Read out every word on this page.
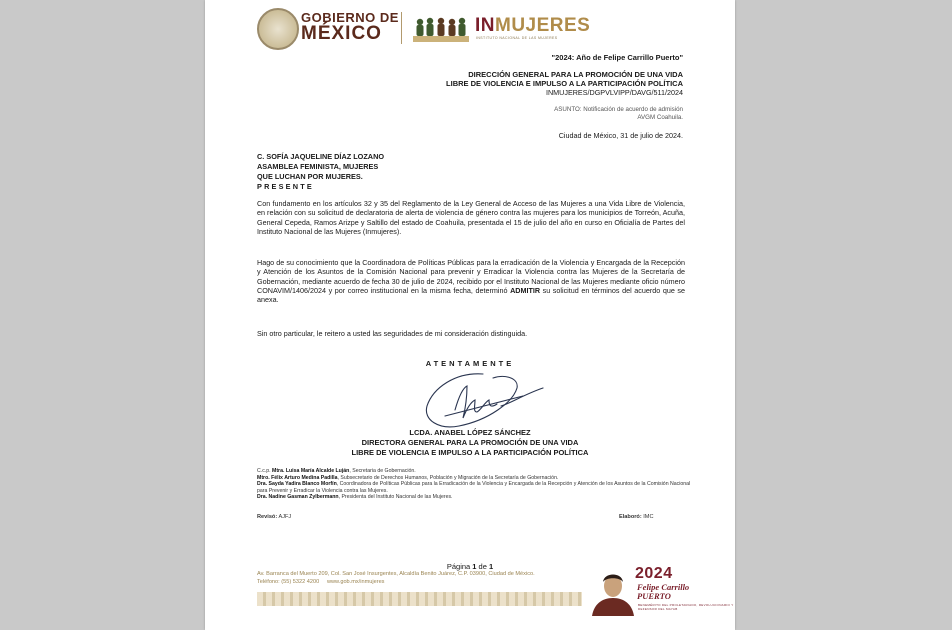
GOBIERNO DE
MÉXICO	INMUJERES
INSTITUTO NACIONAL DE LAS MUJERES
"2024: Año de Felipe Carrillo Puerto"
DIRECCIÓN GENERAL PARA LA PROMOCIÓN DE UNA VIDA
LIBRE DE VIOLENCIA E IMPULSO A LA PARTICIPACIÓN POLÍTICA
INMUJERES/DGPVLVIPP/DAVG/511/2024
ASUNTO: Notificación de acuerdo de admisión
AVGM Coahuila.
Ciudad de México, 31 de julio de 2024.
C. SOFÍA JAQUELINE DÍAZ LOZANO
ASAMBLEA FEMINISTA, MUJERES
QUE LUCHAN POR MUJERES.
PRESENTE
Con fundamento en los artículos 32 y 35 del Reglamento de la Ley General de Acceso de las Mujeres a una Vida Libre de Violencia, en relación con su solicitud de declaratoria de alerta de violencia de género contra las mujeres para los municipios de Torreón, Acuña, General Cepeda, Ramos Arizpe y Saltillo del estado de Coahuila, presentada el 15 de julio del año en curso en Oficialía de Partes del Instituto Nacional de las Mujeres (Inmujeres).
Hago de su conocimiento que la Coordinadora de Políticas Públicas para la erradicación de la Violencia y Encargada de la Recepción y Atención de los Asuntos de la Comisión Nacional para prevenir y Erradicar la Violencia contra las Mujeres de la Secretaría de Gobernación, mediante acuerdo de fecha 30 de julio de 2024, recibido por el Instituto Nacional de las Mujeres mediante oficio número CONAVIM/1406/2024 y por correo institucional en la misma fecha, determinó ADMITIR su solicitud en términos del acuerdo que se anexa.
Sin otro particular, le reitero a usted las seguridades de mi consideración distinguida.
ATENTAMENTE
LCDA. ANABEL LÓPEZ SÁNCHEZ
DIRECTORA GENERAL PARA LA PROMOCIÓN DE UNA VIDA
LIBRE DE VIOLENCIA E IMPULSO A LA PARTICIPACIÓN POLÍTICA
C.c.p. Mtra. Luisa María Alcalde Luján, Secretaria de Gobernación.
Mtro. Félix Arturo Medina Padilla, Subsecretario de Derechos Humanos, Población y Migración de la Secretaría de Gobernación.
Dra. Sayda Yadira Blanco Morfín, Coordinadora de Políticas Públicas para la Erradicación de la Violencia y Encargada de la Recepción y Atención de los Asuntos de la Comisión Nacional para Prevenir y Erradicar la Violencia contra las Mujeres.
Dra. Nadine Gasman Zylbermann, Presidenta del Instituto Nacional de las Mujeres.
Revisó: AJFJ	Elaboró: IMC
Página 1 de 1
Av. Barranca del Muerto 209, Col. San José Insurgentes, Alcaldía Benito Juárez, C.P. 03900, Ciudad de México.
Teléfono: (55) 5322 4200     www.gob.mx/inmujeres	2024
Felipe Carrillo
PUERTO
BENEMÉRITO DEL PROLETARIADO, REVOLUCIONARIO Y DEFENSOR DEL MAYAB
